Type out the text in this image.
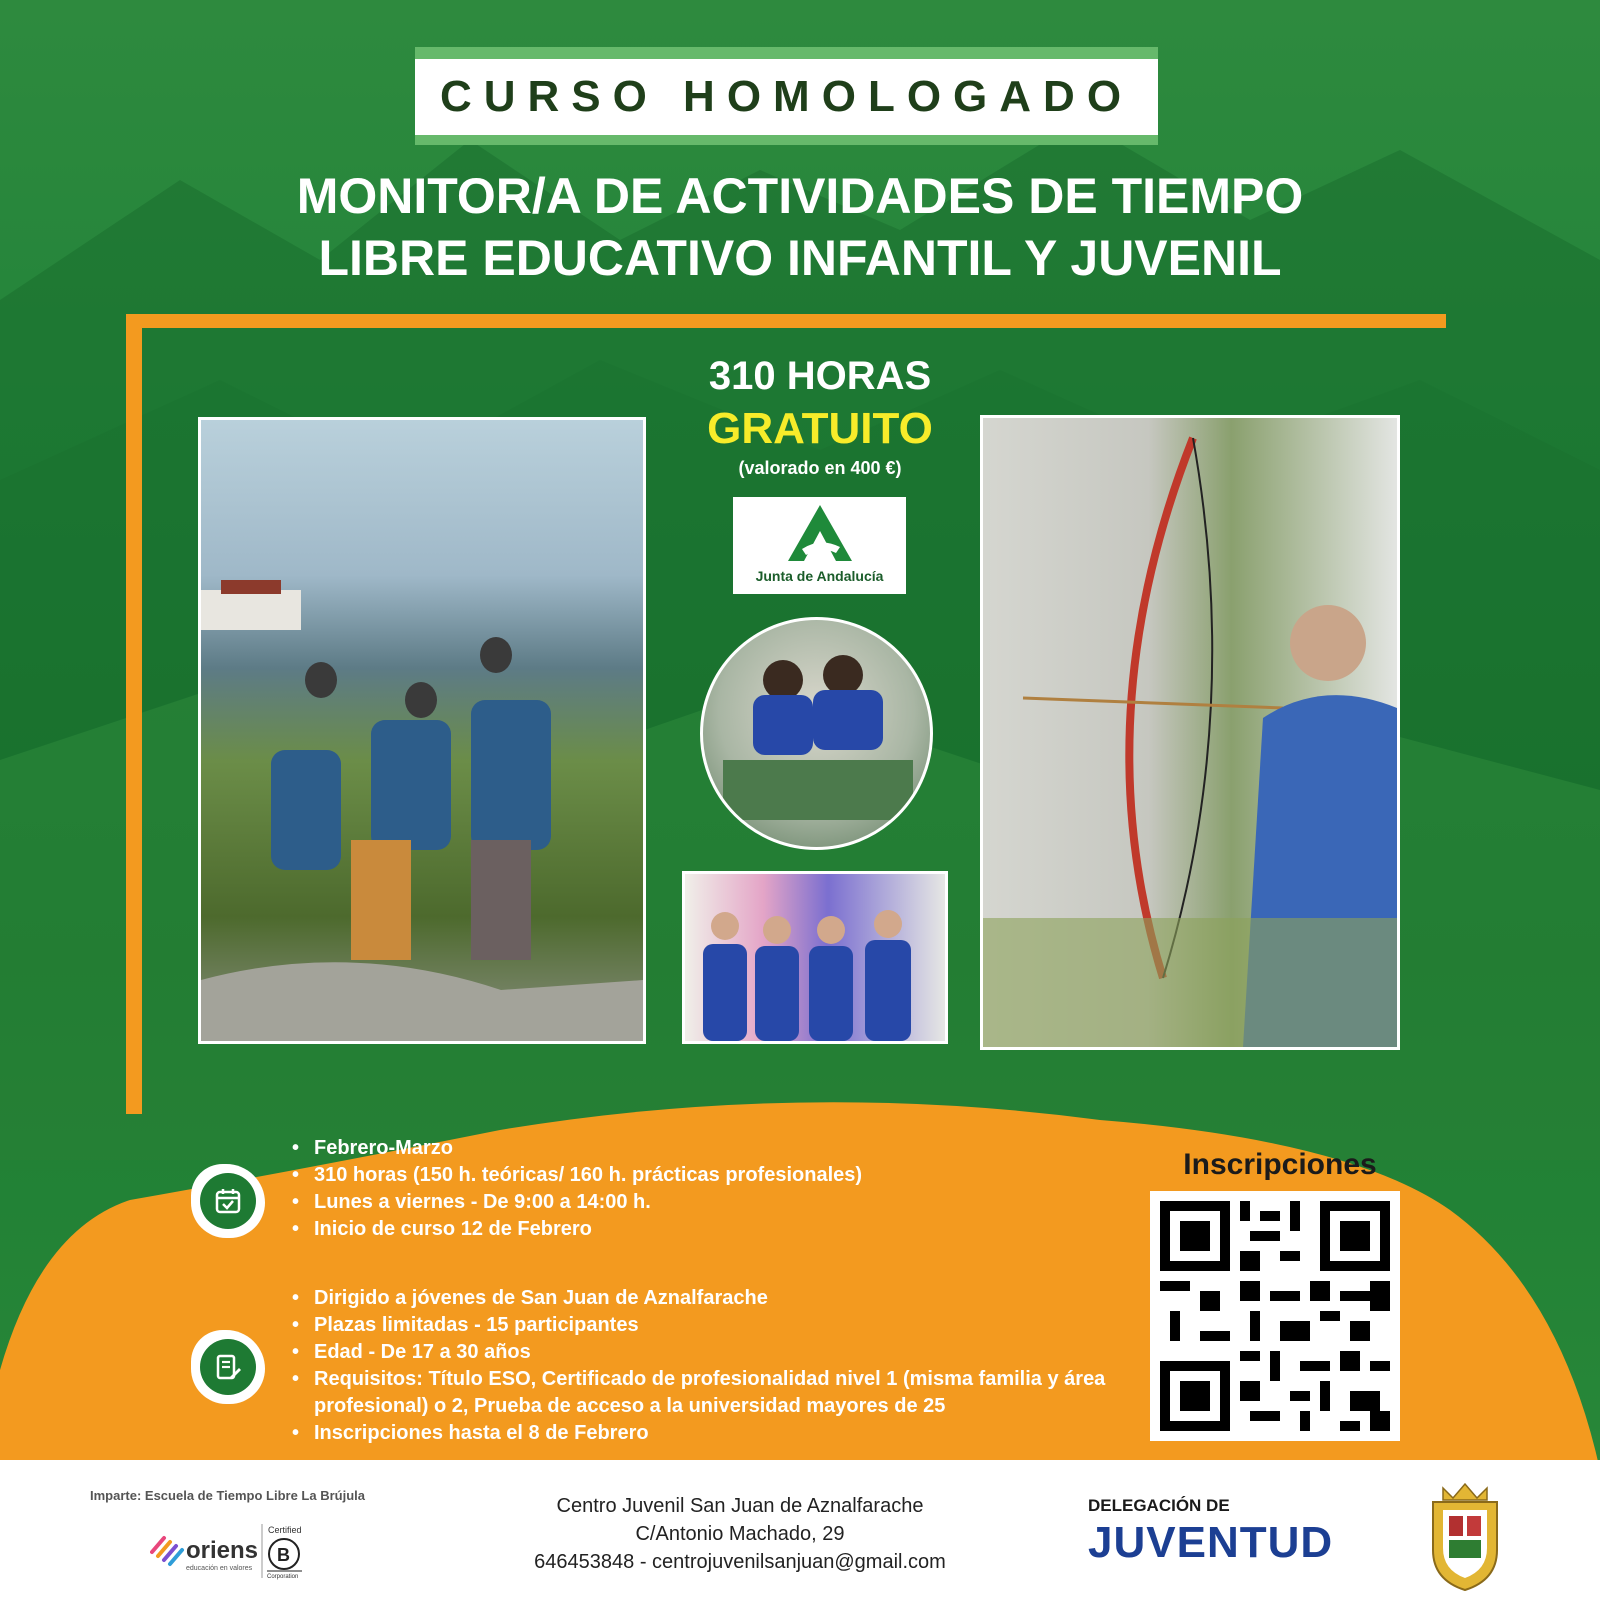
CURSO HOMOLOGADO
MONITOR/A DE ACTIVIDADES DE TIEMPO
LIBRE EDUCATIVO INFANTIL Y JUVENIL
310 HORAS
GRATUITO
(valorado en 400 €)
Junta de Andalucía
• Febrero-Marzo
• 310 horas (150 h. teóricas/ 160 h. prácticas profesionales)
• Lunes a viernes - De 9:00 a 14:00 h.
• Inicio de curso 12 de Febrero
• Dirigido a jóvenes de San Juan de Aznalfarache
• Plazas limitadas - 15 participantes
• Edad - De 17 a 30 años
• Requisitos: Título ESO, Certificado de profesionalidad nivel 1 (misma familia y área profesional) o 2, Prueba de acceso a la universidad mayores de 25
• Inscripciones hasta el 8 de Febrero
Inscripciones
Imparte: Escuela de Tiempo Libre La Brújula
oriens
educación en valores
Certified
B
Corporation
Centro Juvenil San Juan de Aznalfarache
C/Antonio Machado, 29
646453848 - centrojuvenilsanjuan@gmail.com
DELEGACIÓN DE
JUVENTUD
